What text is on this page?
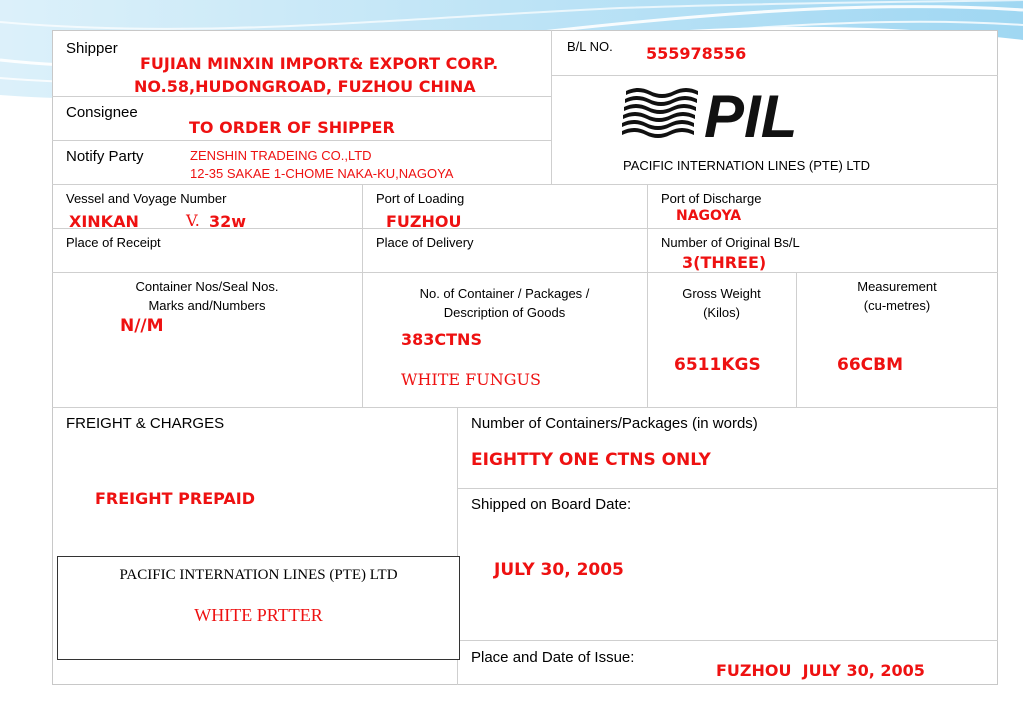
Shipper
FUJIAN MINXIN IMPORT& EXPORT CORP.
NO.58,HUDONGROAD, FUZHOU CHINA
B/L NO. 555978556
Consignee
TO ORDER OF SHIPPER
Notify Party	ZENSHIN TRADEING CO.,LTD
12-35 SAKAE 1-CHOME NAKA-KU,NAGOYA
PIL
PACIFIC INTERNATION LINES (PTE) LTD
Vessel and Voyage Number
XINKAN	V. 32w
Port of Loading
FUZHOU
Port of Discharge
NAGOYA
Place of Receipt	Place of Delivery	Number of Original Bs/L
3(THREE)
Container Nos/Seal Nos.
Marks and/Numbers
N//M
No. of Container / Packages /
Description of Goods
383CTNS
WHITE FUNGUS
Gross Weight
(Kilos)
6511KGS
Measurement
(cu-metres)
66CBM
FREIGHT & CHARGES
FREIGHT PREPAID
Number of Containers/Packages (in words)
EIGHTTY ONE CTNS ONLY
Shipped on Board Date:
JULY 30, 2005
Place and Date of Issue:
FUZHOU  JULY 30, 2005
PACIFIC INTERNATION LINES (PTE) LTD
WHITE PRTTER
